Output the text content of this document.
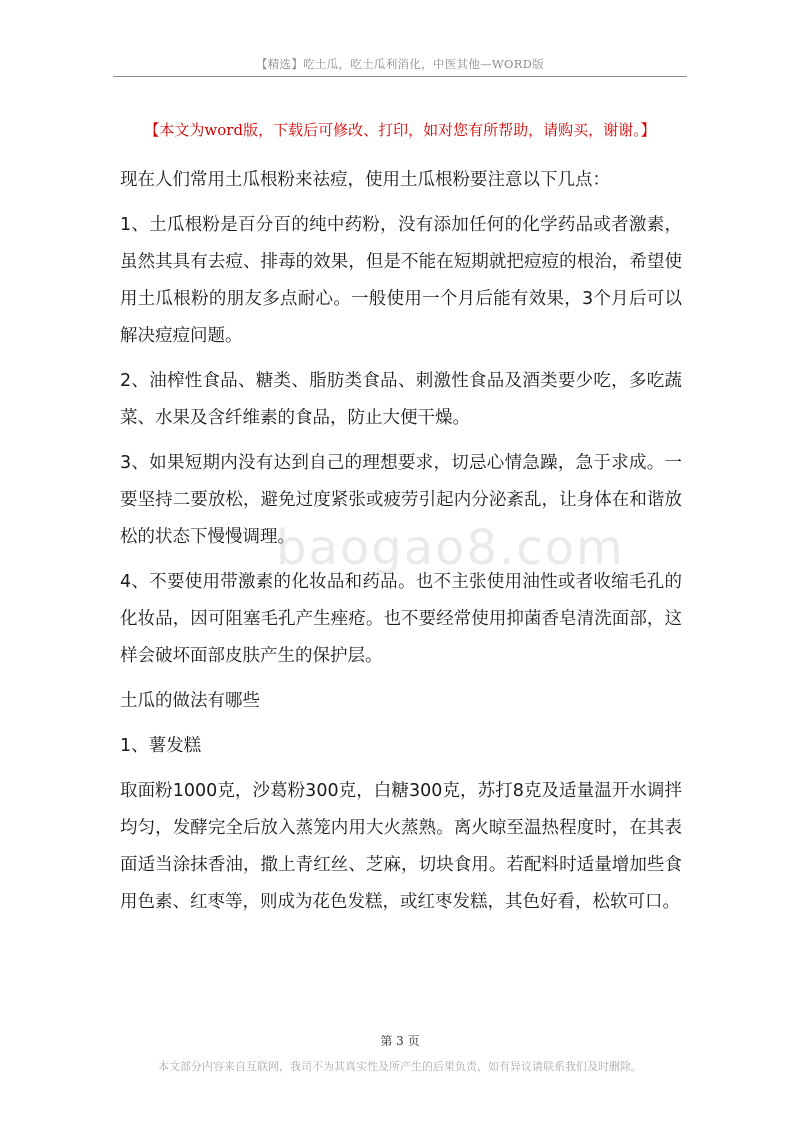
【精选】吃土瓜，吃土瓜利消化，中医其他—WORD版
【本文为word版，下载后可修改、打印，如对您有所帮助，请购买，谢谢。】

现在人们常用土瓜根粉来祛痘，使用土瓜根粉要注意以下几点：

1、土瓜根粉是百分百的纯中药粉，没有添加任何的化学药品或者激素，虽然其具有去痘、排毒的效果，但是不能在短期就把痘痘的根治，希望使用土瓜根粉的朋友多点耐心。一般使用一个月后能有效果，3个月后可以解决痘痘问题。

2、油榨性食品、糖类、脂肪类食品、刺激性食品及酒类要少吃，多吃蔬菜、水果及含纤维素的食品，防止大便干燥。

3、如果短期内没有达到自己的理想要求，切忌心情急躁，急于求成。一要坚持二要放松，避免过度紧张或疲劳引起内分泌紊乱，让身体在和谐放松的状态下慢慢调理。

4、不要使用带激素的化妆品和药品。也不主张使用油性或者收缩毛孔的化妆品，因可阻塞毛孔产生痤疮。也不要经常使用抑菌香皂清洗面部，这样会破坏面部皮肤产生的保护层。

土瓜的做法有哪些

1、薯发糕

取面粉1000克，沙葛粉300克，白糖300克，苏打8克及适量温开水调拌均匀，发酵完全后放入蒸笼内用大火蒸熟。离火晾至温热程度时，在其表面适当涂抹香油，撒上青红丝、芝麻，切块食用。若配料时适量增加些食用色素、红枣等，则成为花色发糕，或红枣发糕，其色好看，松软可口。

baogao8.com
第 3 页
本文部分内容来自互联网，我司不为其真实性及所产生的后果负责，如有异议请联系我们及时删除。
